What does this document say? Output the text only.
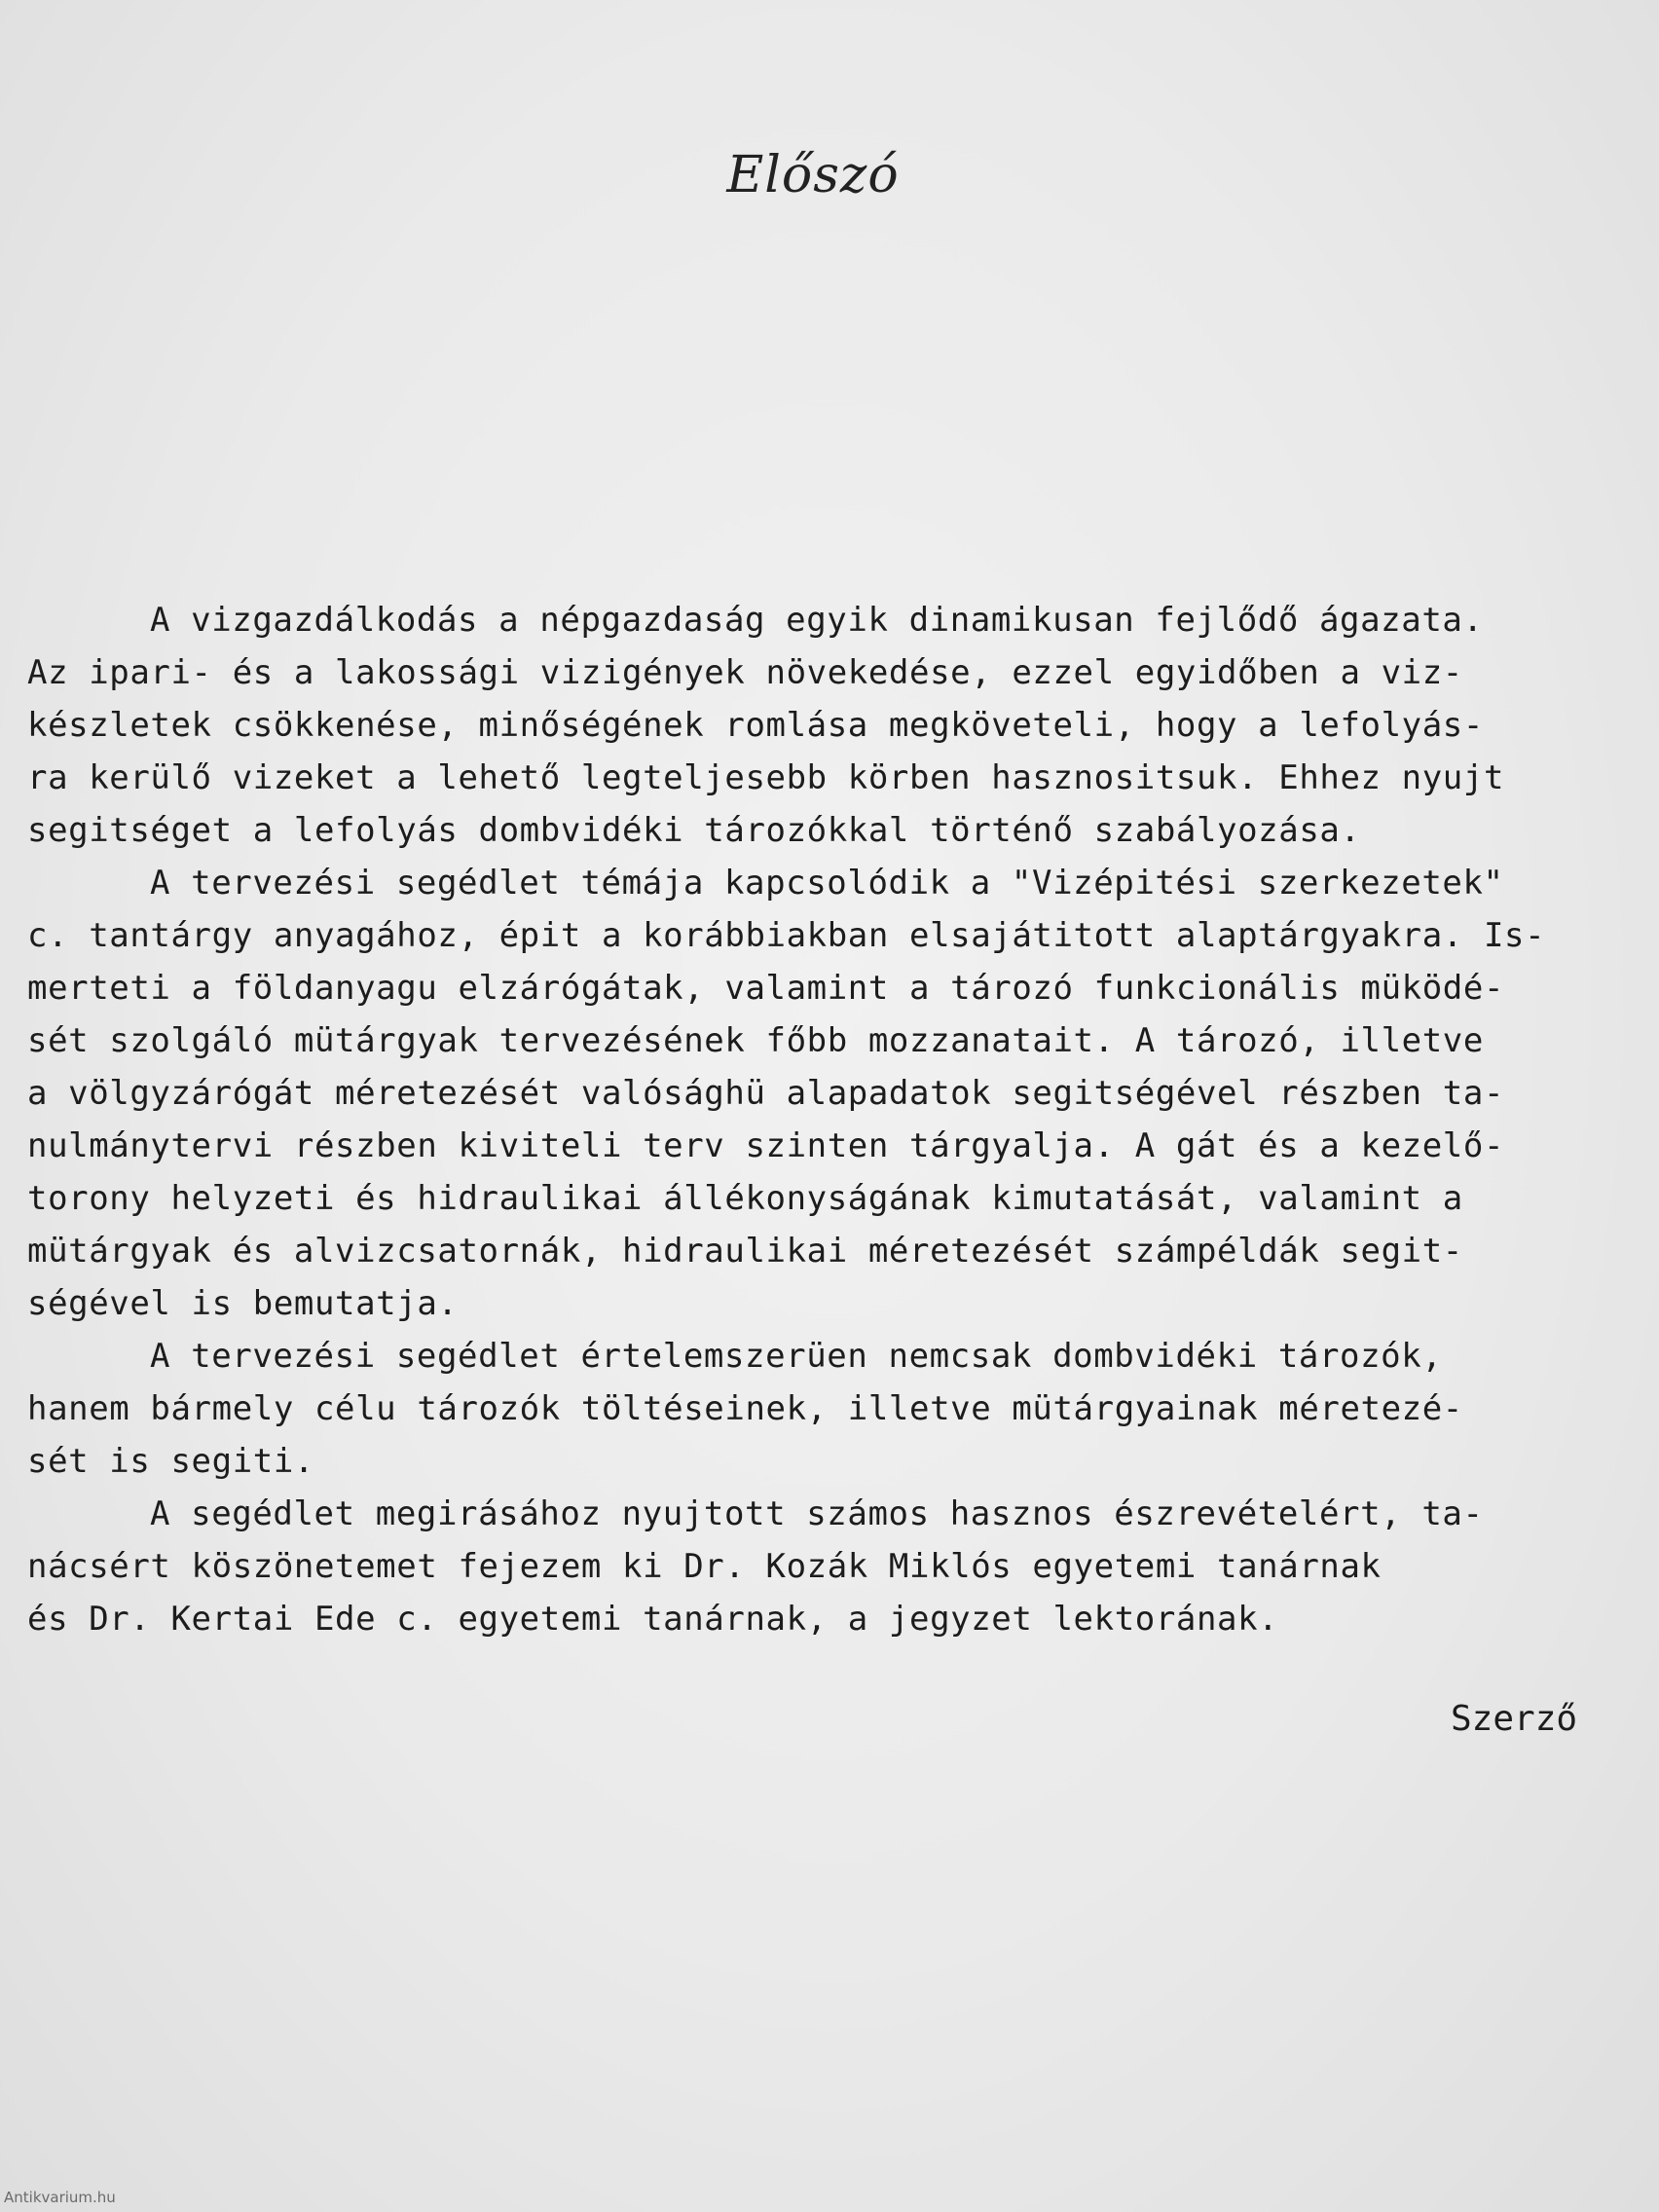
Előszó
A vizgazdálkodás a népgazdaság egyik dinamikusan fejlődő ágazata.
Az ipari- és a lakossági vizigények növekedése, ezzel egyidőben a viz-
készletek csökkenése, minőségének romlása megköveteli, hogy a lefolyás-
ra kerülő vizeket a lehető legteljesebb körben hasznositsuk. Ehhez nyujt
segitséget a lefolyás dombvidéki tározókkal történő szabályozása.
A tervezési segédlet témája kapcsolódik a "Vizépitési szerkezetek"
c. tantárgy anyagához, épit a korábbiakban elsajátitott alaptárgyakra. Is-
merteti a földanyagu elzárógátak, valamint a tározó funkcionális müködé-
sét szolgáló mütárgyak tervezésének főbb mozzanatait. A tározó, illetve
a völgyzárógát méretezését valósághü alapadatok segitségével részben ta-
nulmánytervi részben kiviteli terv szinten tárgyalja. A gát és a kezelő-
torony helyzeti és hidraulikai állékonyságának kimutatását, valamint a
mütárgyak és alvizcsatornák, hidraulikai méretezését számpéldák segit-
ségével is bemutatja.
A tervezési segédlet értelemszerüen nemcsak dombvidéki tározók,
hanem bármely célu tározók töltéseinek, illetve mütárgyainak méretezé-
sét is segiti.
A segédlet megirásához nyujtott számos hasznos észrevételért, ta-
nácsért köszönetemet fejezem ki Dr. Kozák Miklós egyetemi tanárnak
és Dr. Kertai Ede c. egyetemi tanárnak, a jegyzet lektorának.
Szerző
Antikvarium.hu
